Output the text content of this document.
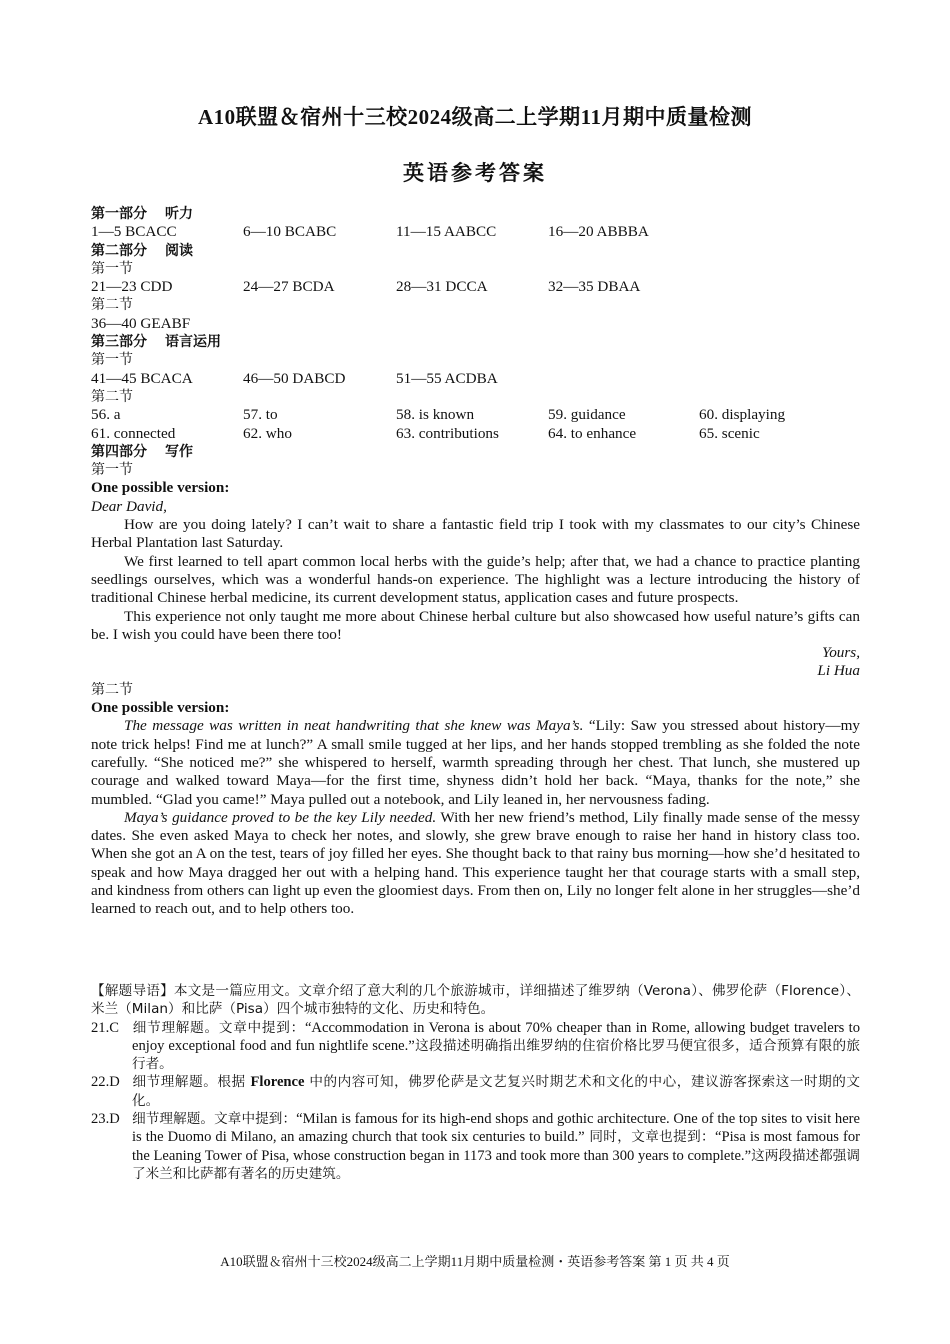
A10联盟＆宿州十三校2024级高二上学期11月期中质量检测
英语参考答案
第一部分 听力
1—5 BCACC	6—10 BCABC	11—15 AABCC	16—20 ABBBA
第二部分 阅读
第一节
21—23 CDD	24—27 BCDA	28—31 DCCA	32—35 DBAA
第二节
36—40 GEABF
第三部分 语言运用
第一节
41—45 BCACA	46—50 DABCD	51—55 ACDBA
第二节
56. a	57. to	58. is known	59. guidance	60. displaying
61. connected	62. who	63. contributions	64. to enhance	65. scenic
第四部分 写作
第一节
One possible version:
Dear David,

How are you doing lately? I can’t wait to share a fantastic field trip I took with my classmates to our city’s Chinese Herbal Plantation last Saturday.

We first learned to tell apart common local herbs with the guide’s help; after that, we had a chance to practice planting seedlings ourselves, which was a wonderful hands-on experience. The highlight was a lecture introducing the history of traditional Chinese herbal medicine, its current development status, application cases and future prospects.

This experience not only taught me more about Chinese herbal culture but also showcased how useful nature’s gifts can be. I wish you could have been there too!

Yours,
Li Hua
第二节
One possible version:

The message was written in neat handwriting that she knew was Maya’s. “Lily: Saw you stressed about history—my note trick helps! Find me at lunch?” A small smile tugged at her lips, and her hands stopped trembling as she folded the note carefully. “She noticed me?” she whispered to herself, warmth spreading through her chest. That lunch, she mustered up courage and walked toward Maya—for the first time, shyness didn’t hold her back. “Maya, thanks for the note,” she mumbled. “Glad you came!” Maya pulled out a notebook, and Lily leaned in, her nervousness fading.

Maya’s guidance proved to be the key Lily needed. With her new friend’s method, Lily finally made sense of the messy dates. She even asked Maya to check her notes, and slowly, she grew brave enough to raise her hand in history class too. When she got an A on the test, tears of joy filled her eyes. She thought back to that rainy bus morning—how she’d hesitated to speak and how Maya dragged her out with a helping hand. This experience taught her that courage starts with a small step, and kindness from others can light up even the gloomiest days. From then on, Lily no longer felt alone in her struggles—she’d learned to reach out, and to help others too.

【解题导语】本文是一篇应用文。文章介绍了意大利的几个旅游城市，详细描述了维罗纳（Verona）、佛罗伦萨（Florence）、米兰（Milan）和比萨（Pisa）四个城市独特的文化、历史和特色。

21.C 细节理解题。文章中提到：“Accommodation in Verona is about 70% cheaper than in Rome, allowing budget travelers to enjoy exceptional food and fun nightlife scene.”这段描述明确指出维罗纳的住宿价格比罗马便宜很多，适合预算有限的旅行者。

22.D 细节理解题。根据 Florence 中的内容可知，佛罗伦萨是文艺复兴时期艺术和文化的中心，建议游客探索这一时期的文化。

23.D 细节理解题。文章中提到：“Milan is famous for its high-end shops and gothic architecture. One of the top sites to visit here is the Duomo di Milano, an amazing church that took six centuries to build.” 同时，文章也提到：“Pisa is most famous for the Leaning Tower of Pisa, whose construction began in 1173 and took more than 300 years to complete.”这两段描述都强调了米兰和比萨都有著名的历史建筑。

A10联盟＆宿州十三校2024级高二上学期11月期中质量检测・英语参考答案 第 1 页 共 4 页
